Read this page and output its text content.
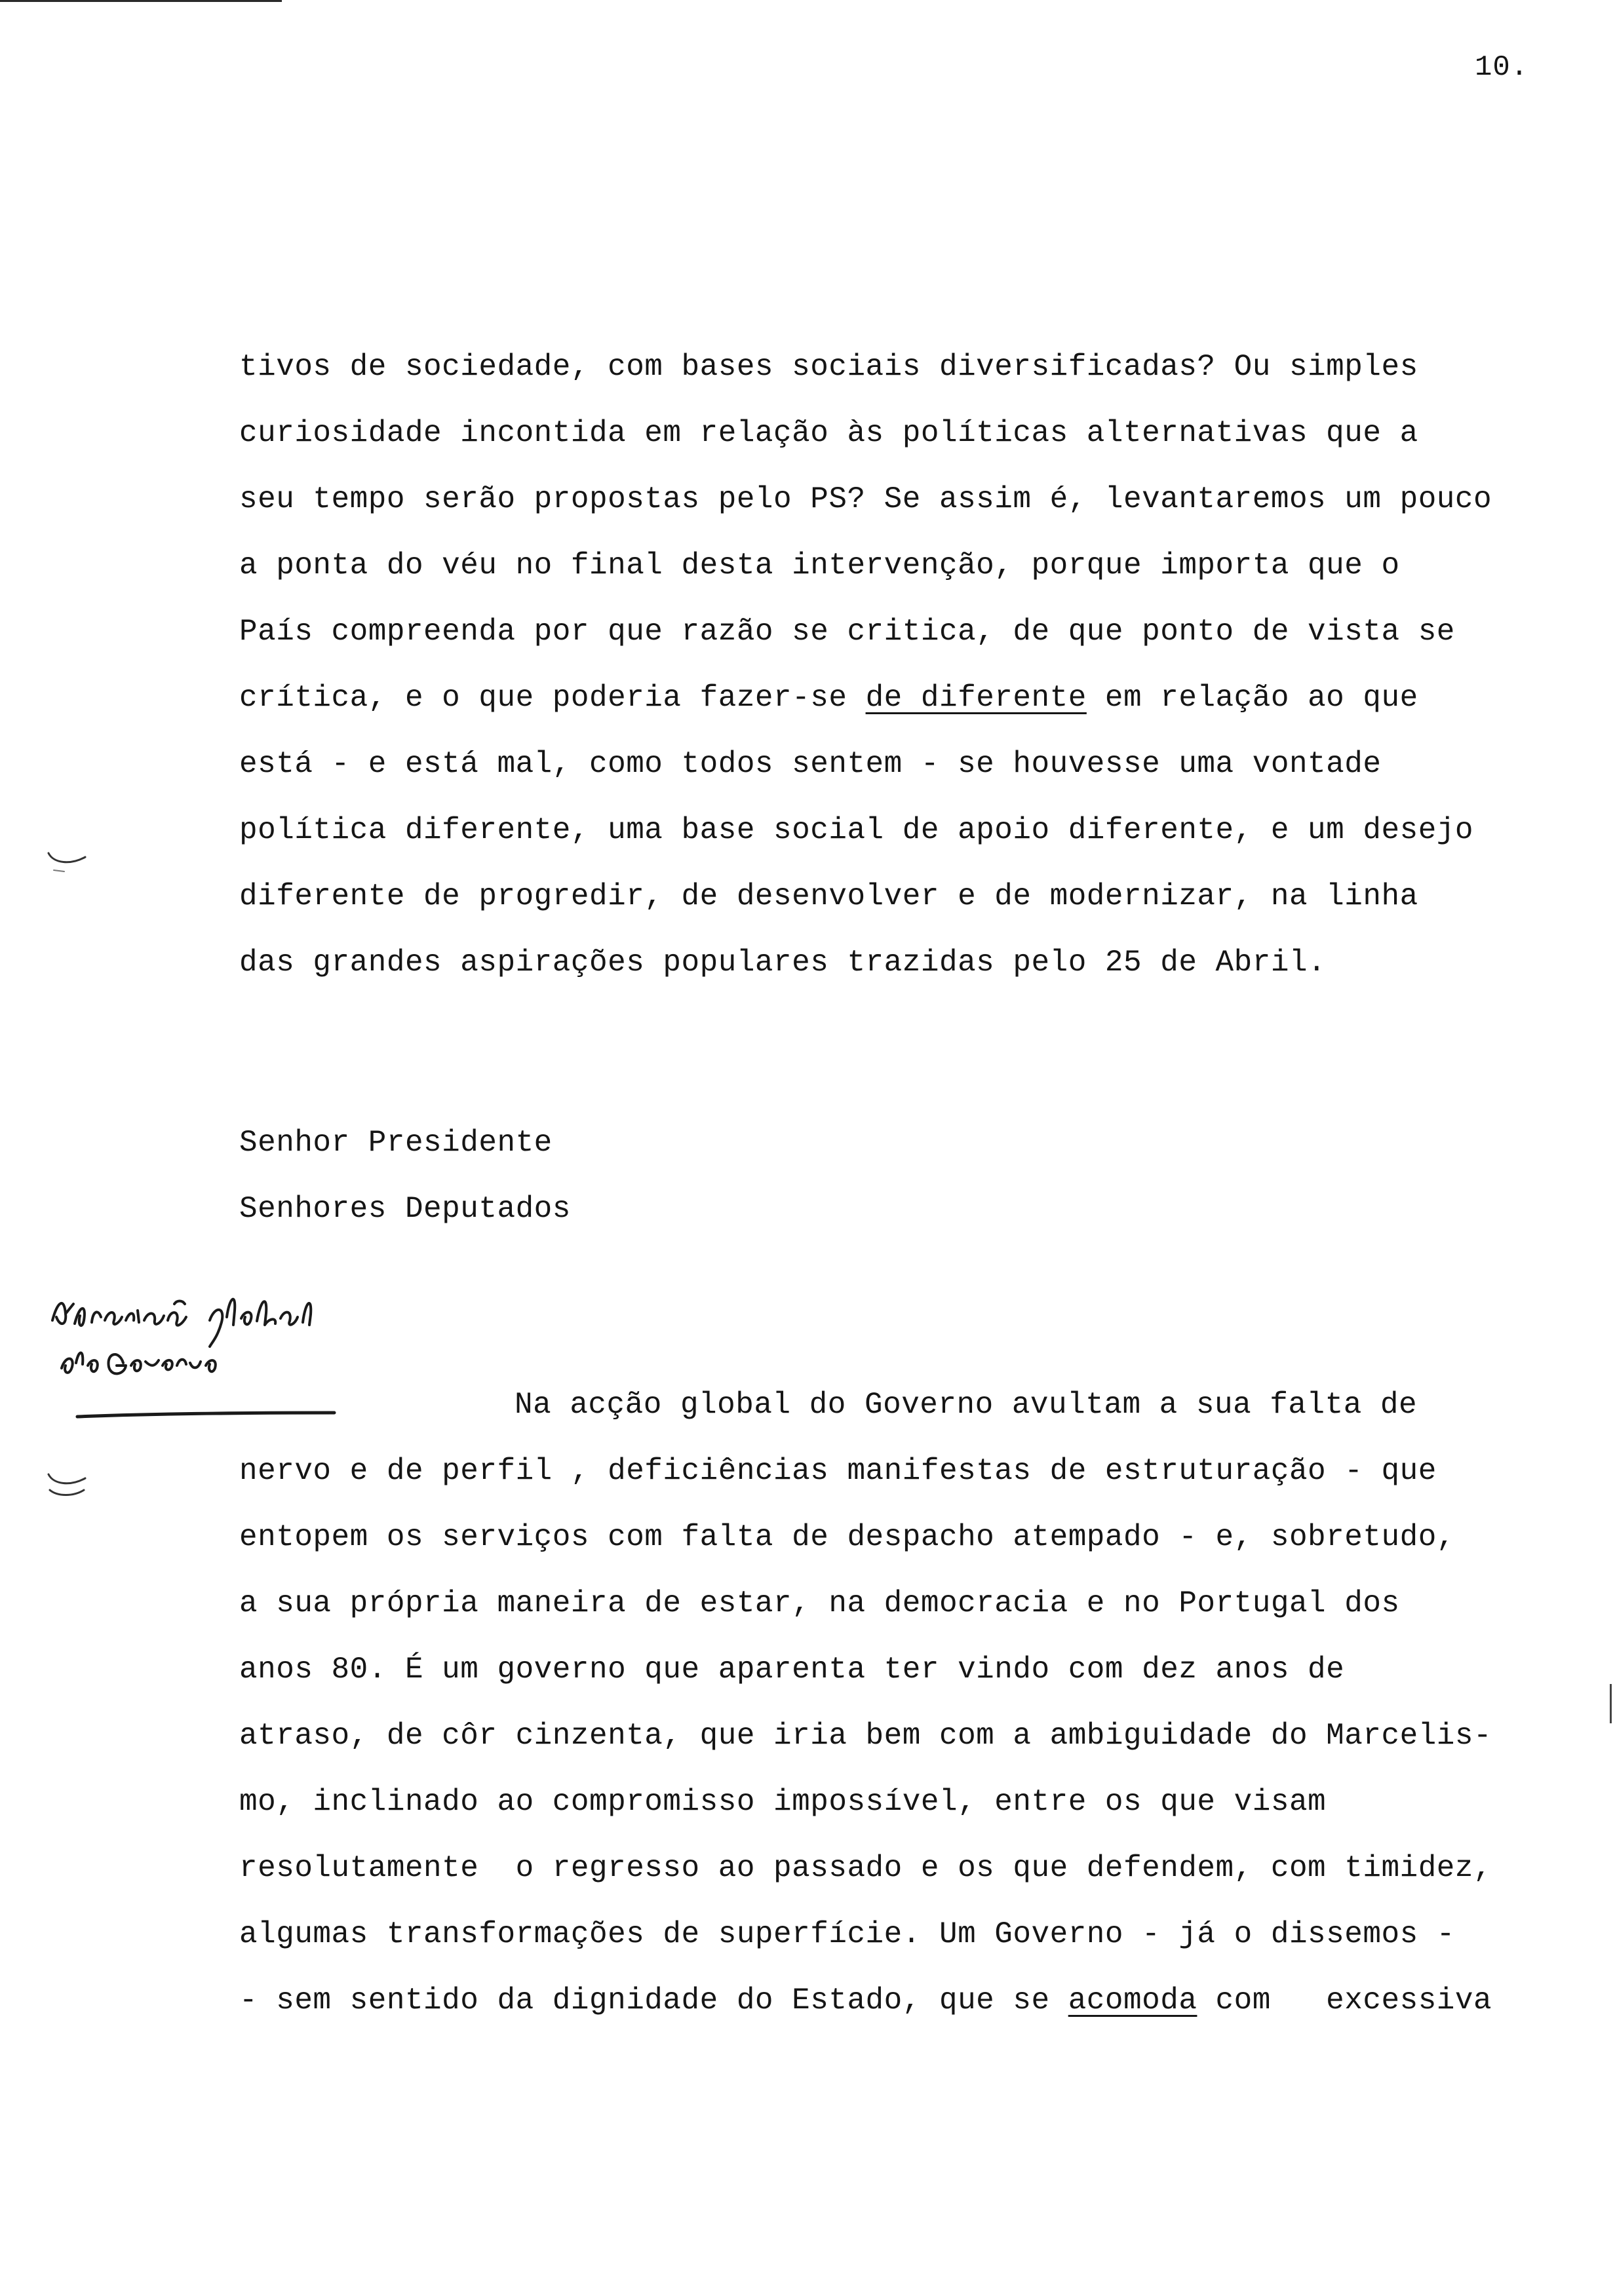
10.
tivos de sociedade, com bases sociais diversificadas? Ou simples
curiosidade incontida em relação às políticas alternativas que a
seu tempo serão propostas pelo PS? Se assim é, levantaremos um pouco
a ponta do véu no final desta intervenção, porque importa que o
País compreenda por que razão se critica, de que ponto de vista se
crítica, e o que poderia fazer-se de diferente em relação ao que
está - e está mal, como todos sentem - se houvesse uma vontade
política diferente, uma base social de apoio diferente, e um desejo
diferente de progredir, de desenvolver e de modernizar, na linha
das grandes aspirações populares trazidas pelo 25 de Abril.
Senhor Presidente
Senhores Deputados
Na acção global do Governo avultam a sua falta de
nervo e de perfil , deficiências manifestas de estruturação - que
entopem os serviços com falta de despacho atempado - e, sobretudo,
a sua própria maneira de estar, na democracia e no Portugal dos
anos 80. É um governo que aparenta ter vindo com dez anos de
atraso, de côr cinzenta, que iria bem com a ambiguidade do Marcelis-
mo, inclinado ao compromisso impossível, entre os que visam
resolutamente  o regresso ao passado e os que defendem, com timidez,
algumas transformações de superfície. Um Governo - já o dissemos -
- sem sentido da dignidade do Estado, que se acomoda com   excessiva
